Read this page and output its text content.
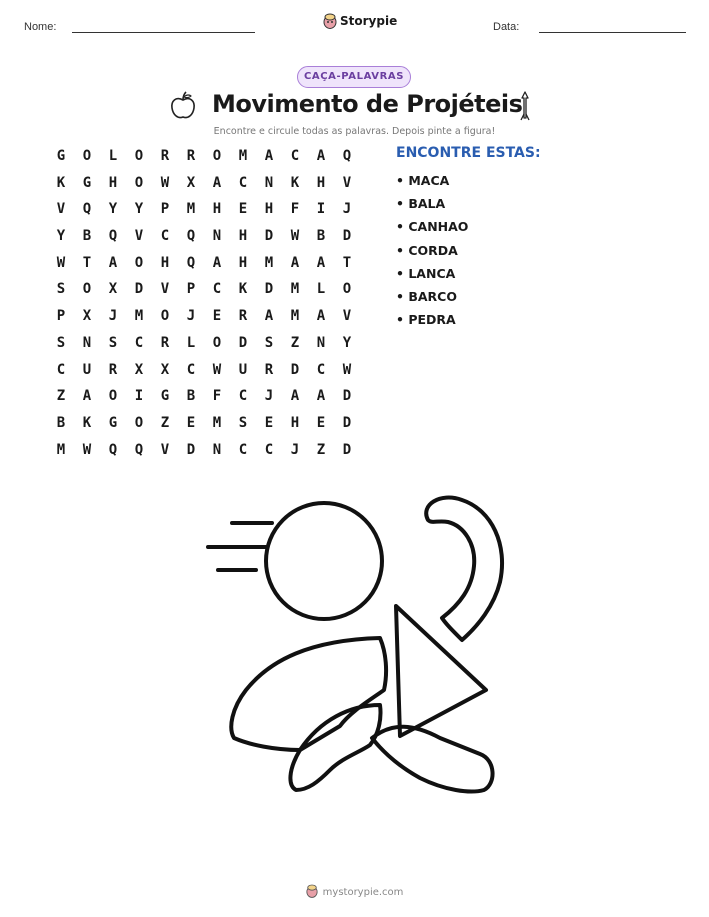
Nome:	Storypie	Data:
CAÇA-PALAVRAS
Movimento de Projéteis
Encontre e circule todas as palavras. Depois pinte a figura!
G	O	L	O	R	R	O	M	A	C	A	Q
K	G	H	O	W	X	A	C	N	K	H	V
V	Q	Y	Y	P	M	H	E	H	F	I	J
Y	B	Q	V	C	Q	N	H	D	W	B	D
W	T	A	O	H	Q	A	H	M	A	A	T
S	O	X	D	V	P	C	K	D	M	L	O
P	X	J	M	O	J	E	R	A	M	A	V
S	N	S	C	R	L	O	D	S	Z	N	Y
C	U	R	X	X	C	W	U	R	D	C	W
Z	A	O	I	G	B	F	C	J	A	A	D
B	K	G	O	Z	E	M	S	E	H	E	D
M	W	Q	Q	V	D	N	C	C	J	Z	D
ENCONTRE ESTAS:
• MACA
• BALA
• CANHAO
• CORDA
• LANCA
• BARCO
• PEDRA
mystorypie.com
